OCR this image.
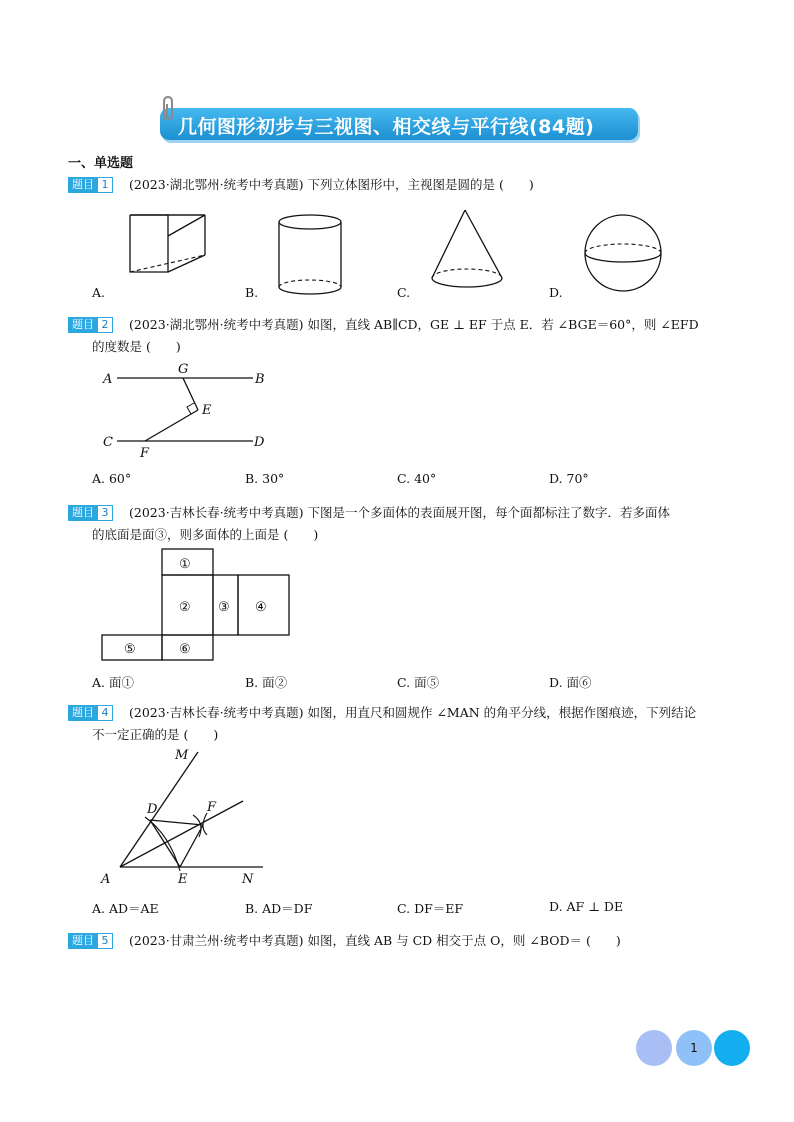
几何图形初步与三视图、相交线与平行线(84题)
一、单选题
题目 1	(2023·湖北鄂州·统考中考真题) 下列立体图形中，主视图是圆的是 (　　)
A.	B.	C.	D.
题目 2	(2023·湖北鄂州·统考中考真题) 如图，直线 AB∥CD，GE ⊥ EF 于点 E．若 ∠BGE＝60°，则 ∠EFD
的度数是 (　　)
A
G
B
E
C	D
F
A. 60°	B. 30°	C. 40°	D. 70°
题目 3	(2023·吉林长春·统考中考真题) 下图是一个多面体的表面展开图，每个面都标注了数字．若多面体
的底面是面③，则多面体的上面是 (　　)
①
② ③ ④
⑤	⑥
A. 面①	B. 面②	C. 面⑤	D. 面⑥
题目 4	(2023·吉林长春·统考中考真题) 如图，用直尺和圆规作 ∠MAN 的角平分线，根据作图痕迹，下列结论
不一定正确的是 (　　)
M
D	F
A	E	N
A. AD＝AE	B. AD＝DF	C. DF＝EF	D. AF ⊥ DE
题目 5	(2023·甘肃兰州·统考中考真题) 如图，直线 AB 与 CD 相交于点 O，则 ∠BOD＝ (　　)
1
